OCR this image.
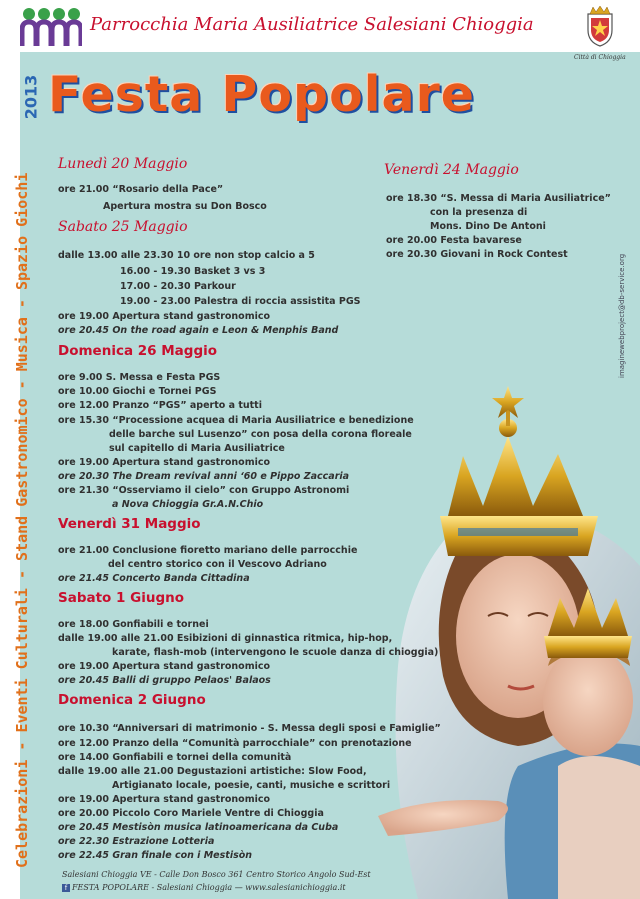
Parrocchia Maria Ausiliatrice Salesiani Chioggia
Città di Chioggia
2013 Festa Popolare
Celebrazioni - Eventi Culturali - Stand Gastronomico - Musica - Spazio Giochi	imaginewebproject@db-service.org
Lunedì 20 Maggio
ore 21.00 “Rosario della Pace”
Apertura mostra su Don Bosco
Sabato 25 Maggio
dalle 13.00 alle 23.30 10 ore non stop calcio a 5
16.00 - 19.30 Basket 3 vs 3
17.00 - 20.30 Parkour
19.00 - 23.00 Palestra di roccia assistita PGS
ore 19.00 Apertura stand gastronomico
ore 20.45 On the road again e Leon & Menphis Band
Domenica 26 Maggio
ore 9.00 S. Messa e Festa PGS
ore 10.00 Giochi e Tornei PGS
ore 12.00 Pranzo “PGS” aperto a tutti
ore 15.30 “Processione acquea di Maria Ausiliatrice e benedizione
delle barche sul Lusenzo” con posa della corona floreale
sul capitello di Maria Ausiliatrice
ore 19.00 Apertura stand gastronomico
ore 20.30 The Dream revival anni ‘60 e Pippo Zaccaria
ore 21.30 “Osserviamo il cielo” con Gruppo Astronomi
a Nova Chioggia Gr.A.N.Chio
Venerdì 31 Maggio
ore 21.00 Conclusione fioretto mariano delle parrocchie
del centro storico con il Vescovo Adriano
ore 21.45 Concerto Banda Cittadina
Sabato 1 Giugno
ore 18.00 Gonfiabili e tornei
dalle 19.00 alle 21.00 Esibizioni di ginnastica ritmica, hip-hop,
karate, flash-mob (intervengono le scuole danza di chioggia)
ore 19.00 Apertura stand gastronomico
ore 20.45 Balli di gruppo Pelaos' Balaos
Domenica 2 Giugno
ore 10.30 “Anniversari di matrimonio - S. Messa degli sposi e Famiglie”
ore 12.00 Pranzo della “Comunità parrocchiale” con prenotazione
ore 14.00 Gonfiabili e tornei della comunità
dalle 19.00 alle 21.00 Degustazioni artistiche: Slow Food,
Artigianato locale, poesie, canti, musiche e scrittori
ore 19.00 Apertura stand gastronomico
ore 20.00 Piccolo Coro Mariele Ventre di Chioggia
ore 20.45 Mestisòn musica latinoamericana da Cuba
ore 22.30 Estrazione Lotteria
ore 22.45 Gran finale con i Mestisòn
Venerdì 24 Maggio
ore 18.30 “S. Messa di Maria Ausiliatrice”
con la presenza di
Mons. Dino De Antoni
ore 20.00 Festa bavarese
ore 20.30 Giovani in Rock Contest
Salesiani Chioggia VE - Calle Don Bosco 361 Centro Storico Angolo Sud-Est
f FESTA POPOLARE - Salesiani Chioggia — www.salesianichioggia.it
